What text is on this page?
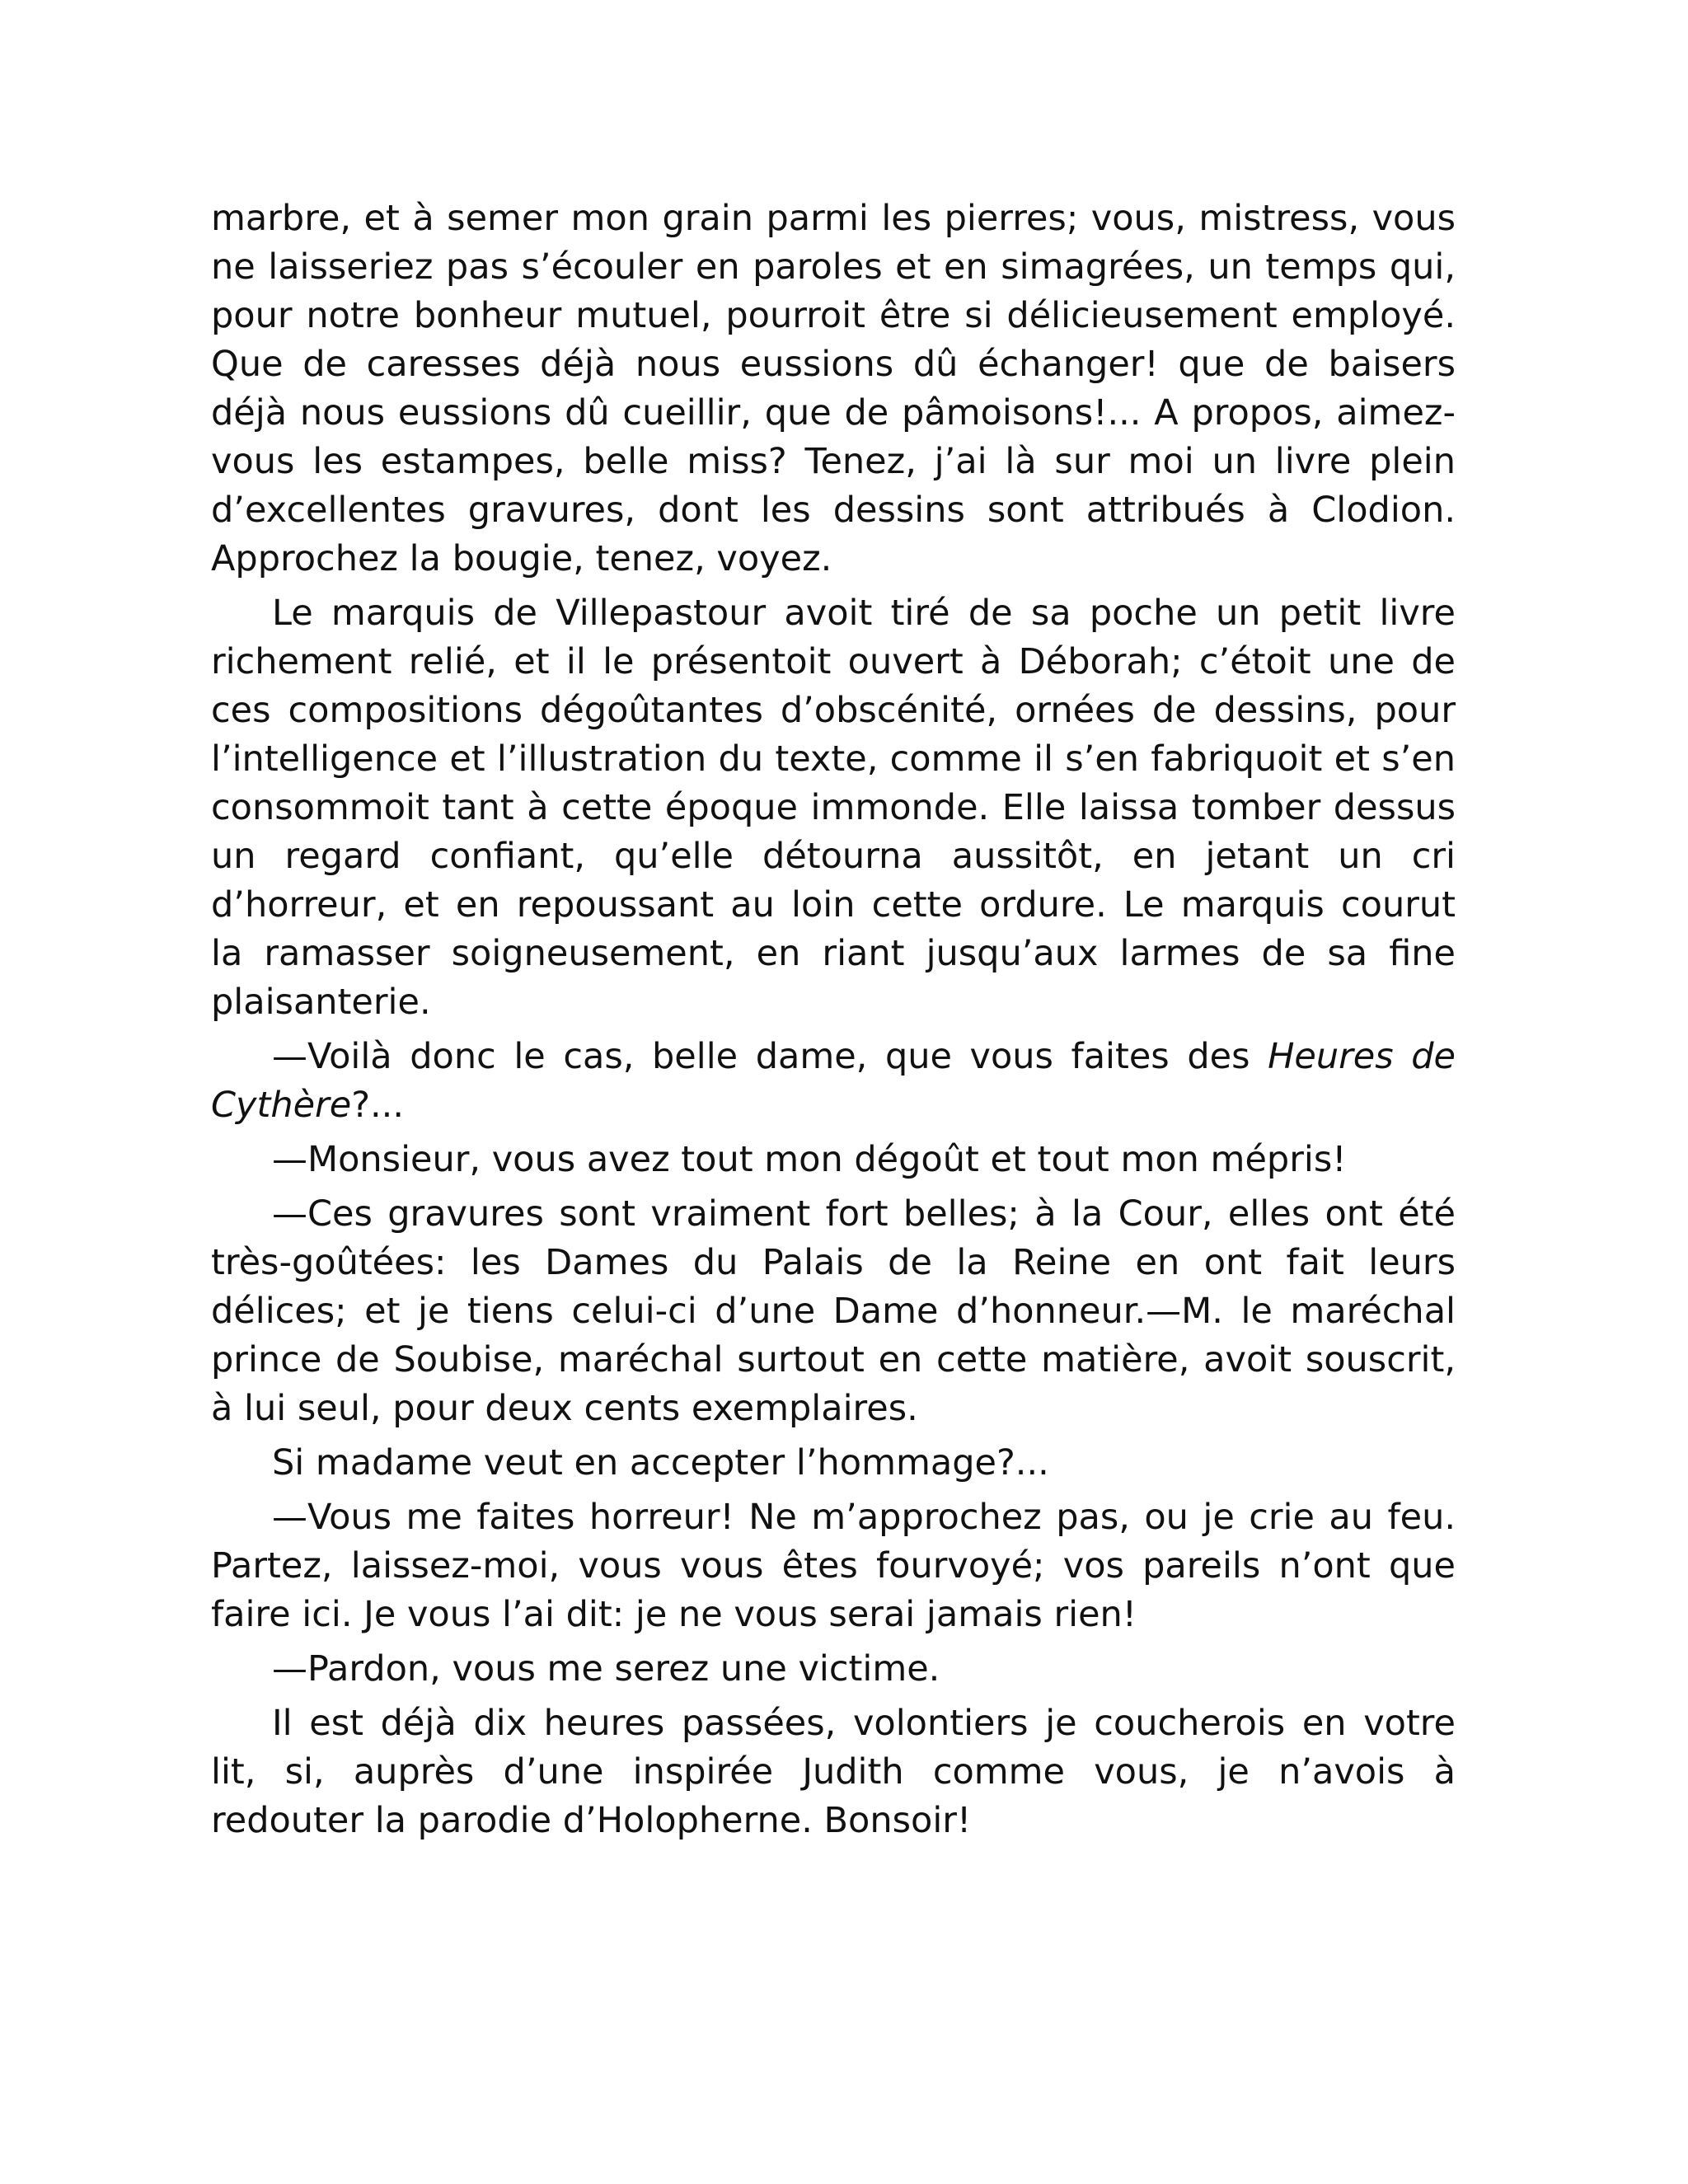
marbre, et à semer mon grain parmi les pierres; vous, mistress, vous
ne laisseriez pas s’écouler en paroles et en simagrées, un temps qui,
pour notre bonheur mutuel, pourroit être si délicieusement employé.
Que de caresses déjà nous eussions dû échanger! que de baisers
déjà nous eussions dû cueillir, que de pâmoisons!... A propos, aimez-
vous les estampes, belle miss? Tenez, j’ai là sur moi un livre plein
d’excellentes gravures, dont les dessins sont attribués à Clodion.
Approchez la bougie, tenez, voyez.

Le marquis de Villepastour avoit tiré de sa poche un petit livre
richement relié, et il le présentoit ouvert à Déborah; c’étoit une de
ces compositions dégoûtantes d’obscénité, ornées de dessins, pour
l’intelligence et l’illustration du texte, comme il s’en fabriquoit et s’en
consommoit tant à cette époque immonde. Elle laissa tomber dessus
un regard confiant, qu’elle détourna aussitôt, en jetant un cri
d’horreur, et en repoussant au loin cette ordure. Le marquis courut
la ramasser soigneusement, en riant jusqu’aux larmes de sa fine
plaisanterie.

—Voilà donc le cas, belle dame, que vous faites des Heures de
Cythère?...

—Monsieur, vous avez tout mon dégoût et tout mon mépris!

—Ces gravures sont vraiment fort belles; à la Cour, elles ont été
très-goûtées: les Dames du Palais de la Reine en ont fait leurs
délices; et je tiens celui-ci d’une Dame d’honneur.—M. le maréchal
prince de Soubise, maréchal surtout en cette matière, avoit souscrit,
à lui seul, pour deux cents exemplaires.

Si madame veut en accepter l’hommage?...

—Vous me faites horreur! Ne m’approchez pas, ou je crie au feu.
Partez, laissez-moi, vous vous êtes fourvoyé; vos pareils n’ont que
faire ici. Je vous l’ai dit: je ne vous serai jamais rien!

—Pardon, vous me serez une victime.

Il est déjà dix heures passées, volontiers je coucherois en votre
lit, si, auprès d’une inspirée Judith comme vous, je n’avois à
redouter la parodie d’Holopherne. Bonsoir!
